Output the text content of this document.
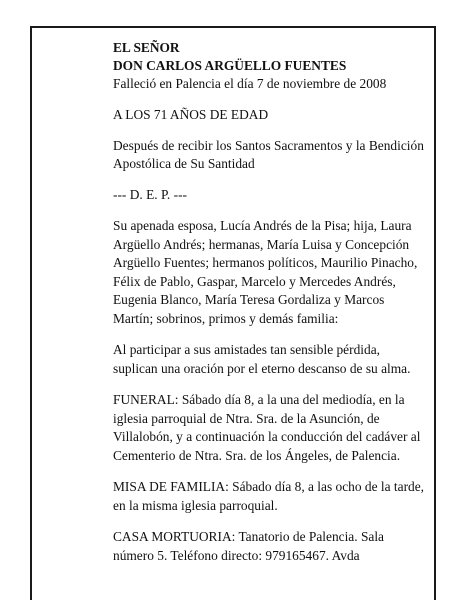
EL SEÑOR

DON CARLOS ARGÜELLO FUENTES

Falleció en Palencia el día 7 de noviembre de 2008

A LOS 71 AÑOS DE EDAD

Después de recibir los Santos Sacramentos y la Bendición Apostólica de Su Santidad

--- D. E. P. ---

Su apenada esposa, Lucía Andrés de la Pisa; hija, Laura Argüello Andrés; hermanas, María Luisa y Concepción Argüello Fuentes; hermanos políticos, Maurilio Pinacho, Félix de Pablo, Gaspar, Marcelo y Mercedes Andrés, Eugenia Blanco, María Teresa Gordaliza y Marcos Martín; sobrinos, primos y demás familia:

Al participar a sus amistades tan sensible pérdida, suplican una oración por el eterno descanso de su alma.

FUNERAL: Sábado día 8, a la una del mediodía, en la iglesia parroquial de Ntra. Sra. de la Asunción, de Villalobón, y a continuación la conducción del cadáver al Cementerio de Ntra. Sra. de los Ángeles, de Palencia.

MISA DE FAMILIA: Sábado día 8, a las ocho de la tarde, en la misma iglesia parroquial.

CASA MORTUORIA: Tanatorio de Palencia. Sala número 5. Teléfono directo: 979165467. Avda
